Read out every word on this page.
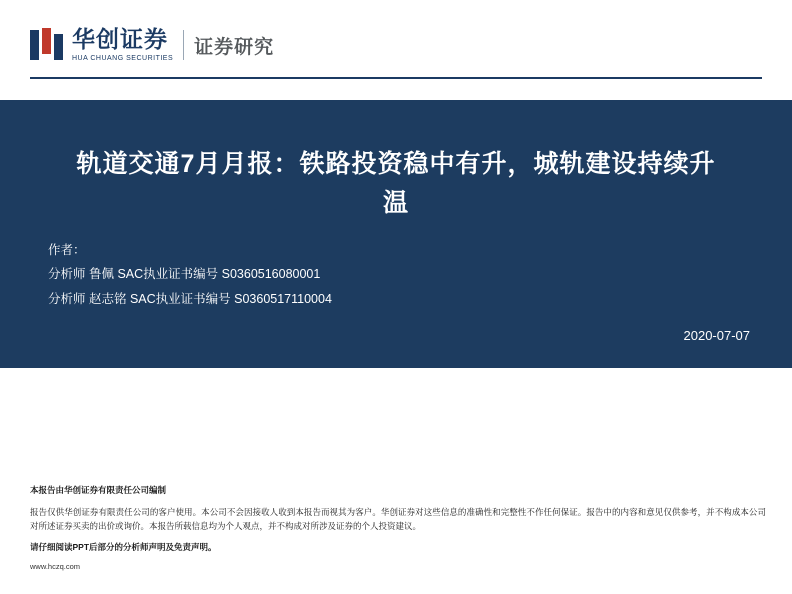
华创证券
HUA CHUANG SECURITIES
证券研究
轨道交通7月月报：铁路投资稳中有升，城轨建设持续升温
作者：
分析师 鲁佩 SAC执业证书编号 S0360516080001
分析师 赵志铭 SAC执业证书编号 S0360517110004
2020-07-07
本报告由华创证券有限责任公司编制
报告仅供华创证券有限责任公司的客户使用。本公司不会因接收人收到本报告而视其为客户。华创证券对这些信息的准确性和完整性不作任何保证。报告中的内容和意见仅供参考，并不构成本公司对所述证券买卖的出价或询价。本报告所载信息均为个人观点，并不构成对所涉及证券的个人投资建议。
请仔细阅读PPT后部分的分析师声明及免责声明。
www.hczq.com
